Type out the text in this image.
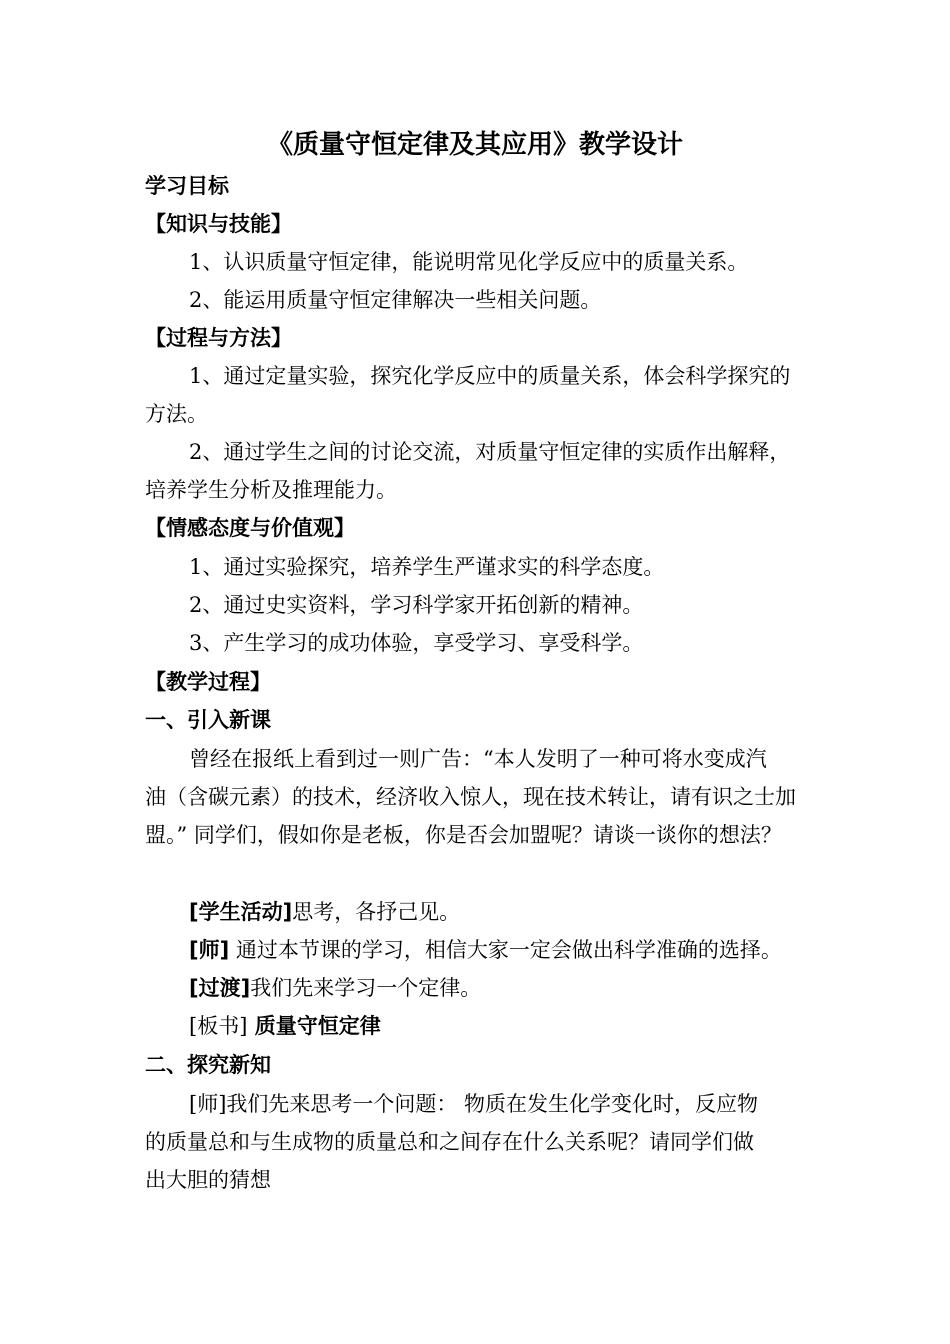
《质量守恒定律及其应用》教学设计
学习目标
【知识与技能】
1、认识质量守恒定律，能说明常见化学反应中的质量关系。
2、能运用质量守恒定律解决一些相关问题。
【过程与方法】
1、通过定量实验，探究化学反应中的质量关系，体会科学探究的
方法。
2、通过学生之间的讨论交流，对质量守恒定律的实质作出解释，
培养学生分析及推理能力。
【情感态度与价值观】
1、通过实验探究，培养学生严谨求实的科学态度。
2、通过史实资料，学习科学家开拓创新的精神。
3、产生学习的成功体验，享受学习、享受科学。
【教学过程】
一、引入新课
曾经在报纸上看到过一则广告：“本人发明了一种可将水变成汽
油（含碳元素）的技术，经济收入惊人，现在技术转让，请有识之士加
盟。” 同学们，假如你是老板，你是否会加盟呢？请谈一谈你的想法？
[学生活动]思考，各抒己见。
[师] 通过本节课的学习，相信大家一定会做出科学准确的选择。
[过渡]我们先来学习一个定律。
[板书] 质量守恒定律
二、探究新知
[师]我们先来思考一个问题： 物质在发生化学变化时，反应物
的质量总和与生成物的质量总和之间存在什么关系呢？请同学们做
出大胆的猜想
